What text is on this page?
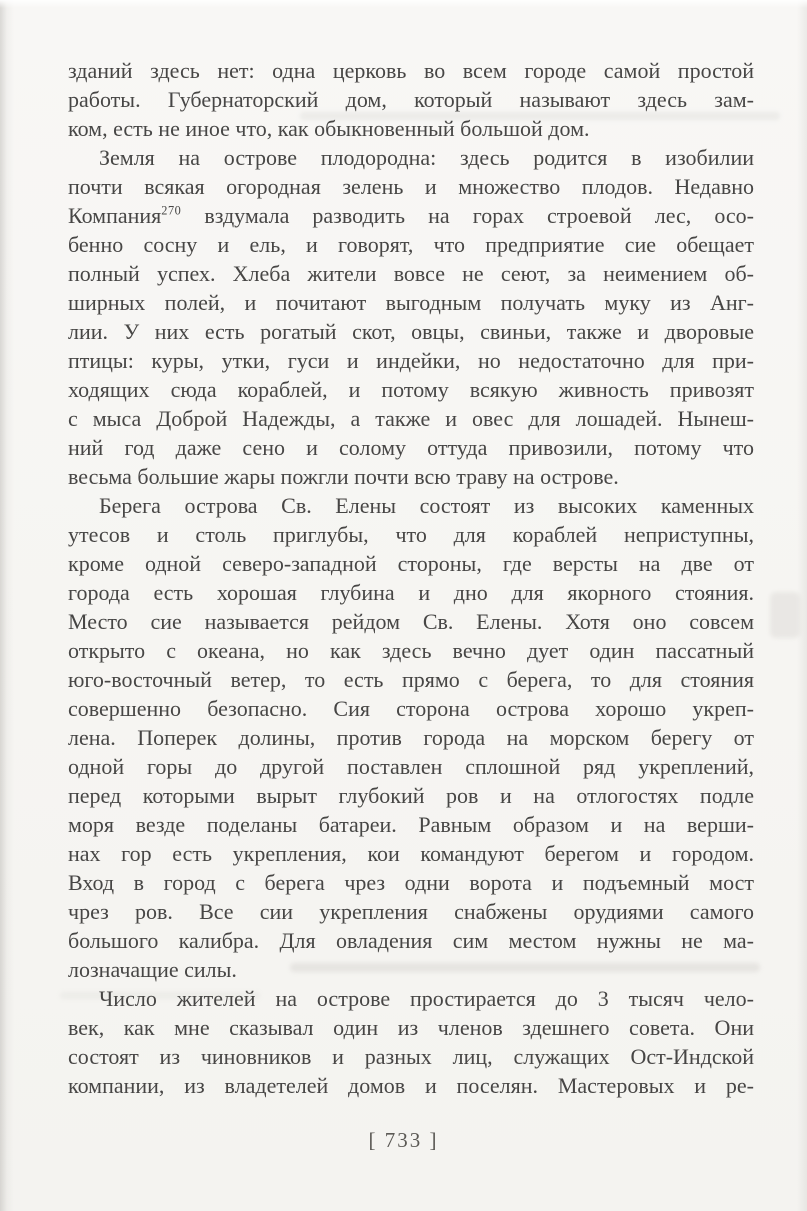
зданий здесь нет: одна церковь во всем городе самой простой
работы. Губернаторский дом, который называют здесь зам-
ком, есть не иное что, как обыкновенный большой дом.
Земля на острове плодородна: здесь родится в изобилии
почти всякая огородная зелень и множество плодов. Недавно
Компания$^{270}$ вздумала разводить на горах строевой лес, осо-
бенно сосну и ель, и говорят, что предприятие сие обещает
полный успех. Хлеба жители вовсе не сеют, за неимением об-
ширных полей, и почитают выгодным получать муку из Анг-
лии. У них есть рогатый скот, овцы, свиньи, также и дворовые
птицы: куры, утки, гуси и индейки, но недостаточно для при-
ходящих сюда кораблей, и потому всякую живность привозят
с мыса Доброй Надежды, а также и овес для лошадей. Нынеш-
ний год даже сено и солому оттуда привозили, потому что
весьма большие жары пожгли почти всю траву на острове.
Берега острова Св. Елены состоят из высоких каменных
утесов и столь приглубы, что для кораблей неприступны,
кроме одной северо-западной стороны, где версты на две от
города есть хорошая глубина и дно для якорного стояния.
Место сие называется рейдом Св. Елены. Хотя оно совсем
открыто с океана, но как здесь вечно дует один пассатный
юго-восточный ветер, то есть прямо с берега, то для стояния
совершенно безопасно. Сия сторона острова хорошо укреп-
лена. Поперек долины, против города на морском берегу от
одной горы до другой поставлен сплошной ряд укреплений,
перед которыми вырыт глубокий ров и на отлогостях подле
моря везде поделаны батареи. Равным образом и на верши-
нах гор есть укрепления, кои командуют берегом и городом.
Вход в город с берега чрез одни ворота и подъемный мост
чрез ров. Все сии укрепления снабжены орудиями самого
большого калибра. Для овладения сим местом нужны не ма-
лозначащие силы.
Число жителей на острове простирается до 3 тысяч чело-
век, как мне сказывал один из членов здешнего совета. Они
состоят из чиновников и разных лиц, служащих Ост-Индской
компании, из владетелей домов и поселян. Мастеровых и ре-
[ 733 ]
